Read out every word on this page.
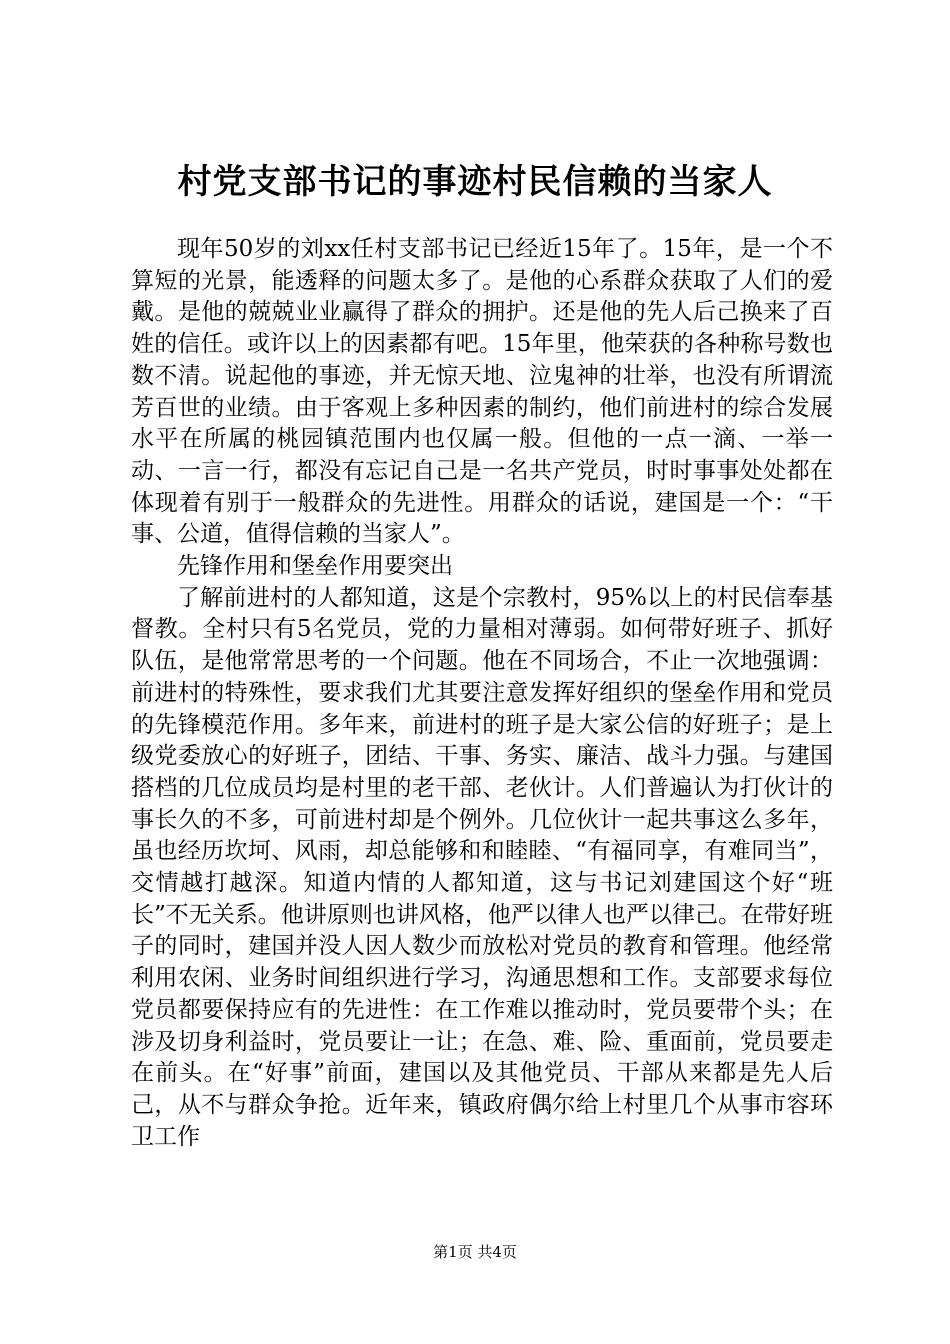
村党支部书记的事迹村民信赖的当家人

现年50岁的刘xx任村支部书记已经近15年了。15年，是一个不算短的光景，能透释的问题太多了。是他的心系群众获取了人们的爱戴。是他的兢兢业业赢得了群众的拥护。还是他的先人后己换来了百姓的信任。或许以上的因素都有吧。15年里，他荣获的各种称号数也数不清。说起他的事迹，并无惊天地、泣鬼神的壮举，也没有所谓流芳百世的业绩。由于客观上多种因素的制约，他们前进村的综合发展水平在所属的桃园镇范围内也仅属一般。但他的一点一滴、一举一动、一言一行，都没有忘记自己是一名共产党员，时时事事处处都在体现着有别于一般群众的先进性。用群众的话说，建国是一个：“干事、公道，值得信赖的当家人”。

先锋作用和堡垒作用要突出

了解前进村的人都知道，这是个宗教村，95%以上的村民信奉基督教。全村只有5名党员，党的力量相对薄弱。如何带好班子、抓好队伍，是他常常思考的一个问题。他在不同场合，不止一次地强调：前进村的特殊性，要求我们尤其要注意发挥好组织的堡垒作用和党员的先锋模范作用。多年来，前进村的班子是大家公信的好班子；是上级党委放心的好班子，团结、干事、务实、廉洁、战斗力强。与建国搭档的几位成员均是村里的老干部、老伙计。人们普遍认为打伙计的事长久的不多，可前进村却是个例外。几位伙计一起共事这么多年，虽也经历坎坷、风雨，却总能够和和睦睦、“有福同享，有难同当”，交情越打越深。知道内情的人都知道，这与书记刘建国这个好“班长”不无关系。他讲原则也讲风格，他严以律人也严以律己。在带好班子的同时，建国并没人因人数少而放松对党员的教育和管理。他经常利用农闲、业务时间组织进行学习，沟通思想和工作。支部要求每位党员都要保持应有的先进性：在工作难以推动时，党员要带个头；在涉及切身利益时，党员要让一让；在急、难、险、重面前，党员要走在前头。在“好事”前面，建国以及其他党员、干部从来都是先人后己，从不与群众争抢。近年来，镇政府偶尔给上村里几个从事市容环卫工作

第1页 共4页
